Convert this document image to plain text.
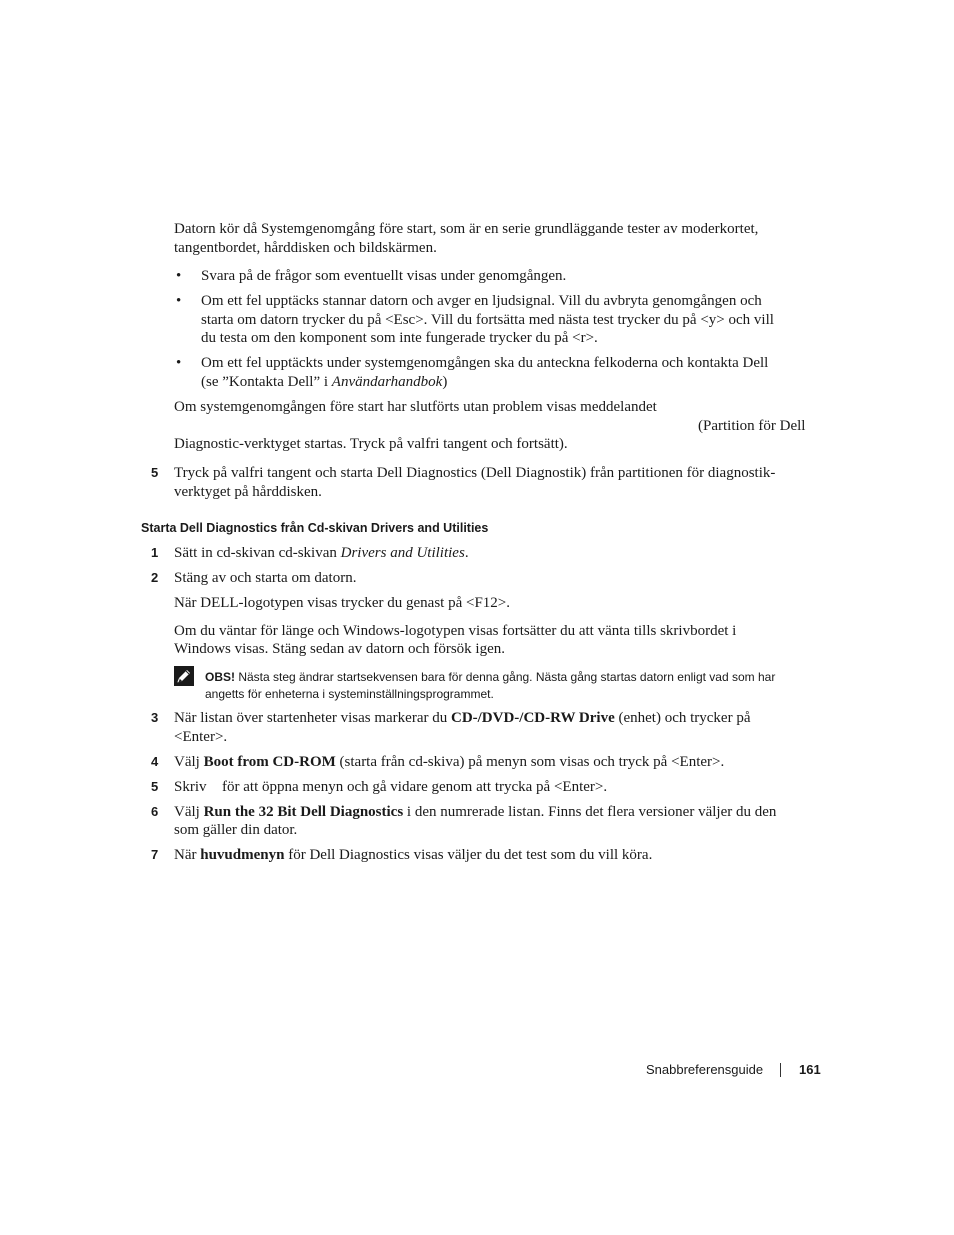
Datorn kör då Systemgenomgång före start, som är en serie grundläggande tester av moderkortet,
tangentbordet, hårddisken och bildskärmen.
• Svara på de frågor som eventuellt visas under genomgången.
• Om ett fel upptäcks stannar datorn och avger en ljudsignal. Vill du avbryta genomgången och
starta om datorn trycker du på <Esc>. Vill du fortsätta med nästa test trycker du på <y> och vill
du testa om den komponent som inte fungerade trycker du på <r>.
• Om ett fel upptäckts under systemgenomgången ska du anteckna felkoderna och kontakta Dell
(se ”Kontakta Dell” i Användarhandbok)
Om systemgenomgången före start har slutförts utan problem visas meddelandet
(Partition för Dell
Diagnostic-verktyget startas. Tryck på valfri tangent och fortsätt).
5 Tryck på valfri tangent och starta Dell Diagnostics (Dell Diagnostik) från partitionen för diagnostik-
verktyget på hårddisken.
Starta Dell Diagnostics från Cd-skivan Drivers and Utilities
1 Sätt in cd-skivan cd-skivan Drivers and Utilities.
2 Stäng av och starta om datorn.
När DELL-logotypen visas trycker du genast på <F12>.
Om du väntar för länge och Windows-logotypen visas fortsätter du att vänta tills skrivbordet i
Windows visas. Stäng sedan av datorn och försök igen.
OBS! Nästa steg ändrar startsekvensen bara för denna gång. Nästa gång startas datorn enligt vad som har
angetts för enheterna i systeminställningsprogrammet.
3 När listan över startenheter visas markerar du CD-/DVD-/CD-RW Drive (enhet) och trycker på
<Enter>.
4 Välj Boot from CD-ROM (starta från cd-skiva) på menyn som visas och tryck på <Enter>.
5 Skriv för att öppna menyn och gå vidare genom att trycka på <Enter>.
6 Välj Run the 32 Bit Dell Diagnostics i den numrerade listan. Finns det flera versioner väljer du den
som gäller din dator.
7 När huvudmenyn för Dell Diagnostics visas väljer du det test som du vill köra.
Snabbreferensguide	161
